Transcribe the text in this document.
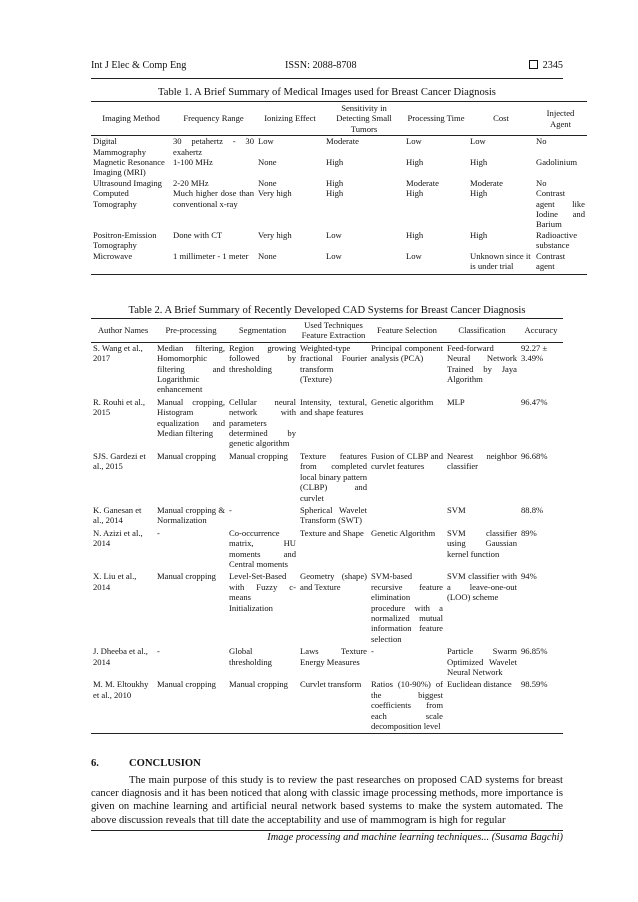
Int J Elec & Comp Eng	ISSN: 2088-8708	2345
Table 1. A Brief Summary of Medical Images used for Breast Cancer Diagnosis
Imaging Method	Frequency Range	Ionizing Effect	Sensitivity in Detecting Small Tumors	Processing Time	Cost	Injected Agent
Digital Mammography	30 petahertz - 30 exahertz	Low	Moderate	Low	Low	No
Magnetic Resonance Imaging (MRI)	1-100 MHz	None	High	High	High	Gadolinium
Ultrasound Imaging	2-20 MHz	None	High	Moderate	Moderate	No
Computed Tomography	Much higher dose than conventional x-ray	Very high	High	High	High	Contrast agent like Iodine and Barium
Positron-Emission Tomography	Done with CT	Very high	Low	High	High	Radioactive substance
Microwave	1 millimeter - 1 meter	None	Low	Low	Unknown since it is under trial	Contrast agent
Table 2. A Brief Summary of Recently Developed CAD Systems for Breast Cancer Diagnosis
Author Names	Pre-processing	Segmentation	Used Techniques Feature Extraction	Feature Selection	Classification	Accuracy
S. Wang et al., 2017	Median filtering, Homomorphic filtering and Logarithmic enhancement	Region growing followed by thresholding	Weighted-type fractional Fourier transform (Texture)	Principal component analysis (PCA)	Feed-forward Neural Network Trained by Jaya Algorithm	92.27 ± 3.49%
R. Rouhi et al., 2015	Manual cropping, Histogram equalization and Median filtering	Cellular neural network with parameters determined by genetic algorithm	Intensity, textural, and shape features	Genetic algorithm	MLP	96.47%
SJS. Gardezi et al., 2015	Manual cropping	Manual cropping	Texture features from completed local binary pattern (CLBP) and curvlet	Fusion of CLBP and curvlet features	Nearest neighbor classifier	96.68%
K. Ganesan et al., 2014	Manual cropping & Normalization	-	Spherical Wavelet Transform (SWT)		SVM	88.8%
N. Azizi et al., 2014	-	Co-occurrence matrix, HU moments and Central moments	Texture and Shape	Genetic Algorithm	SVM classifier using Gaussian kernel function	89%
X. Liu et al., 2014	Manual cropping	Level-Set-Based with Fuzzy c-means Initialization	Geometry (shape) and Texture	SVM-based recursive feature elimination procedure with a normalized mutual information feature selection	SVM classifier with a leave-one-out (LOO) scheme	94%
J. Dheeba et al., 2014	-	Global thresholding	Laws Texture Energy Measures	-	Particle Swarm Optimized Wavelet Neural Network	96.85%
M. M. Eltoukhy et al., 2010	Manual cropping	Manual cropping	Curvlet transform	Ratios (10-90%) of the biggest coefficients from each scale decomposition level	Euclidean distance	98.59%
6.	CONCLUSION

The main purpose of this study is to review the past researches on proposed CAD systems for breast cancer diagnosis and it has been noticed that along with classic image processing methods, more importance is given on machine learning and artificial neural network based systems to make the system automated. The above discussion reveals that till date the acceptability and use of mammogram is high for regular

Image processing and machine learning techniques... (Susama Bagchi)
